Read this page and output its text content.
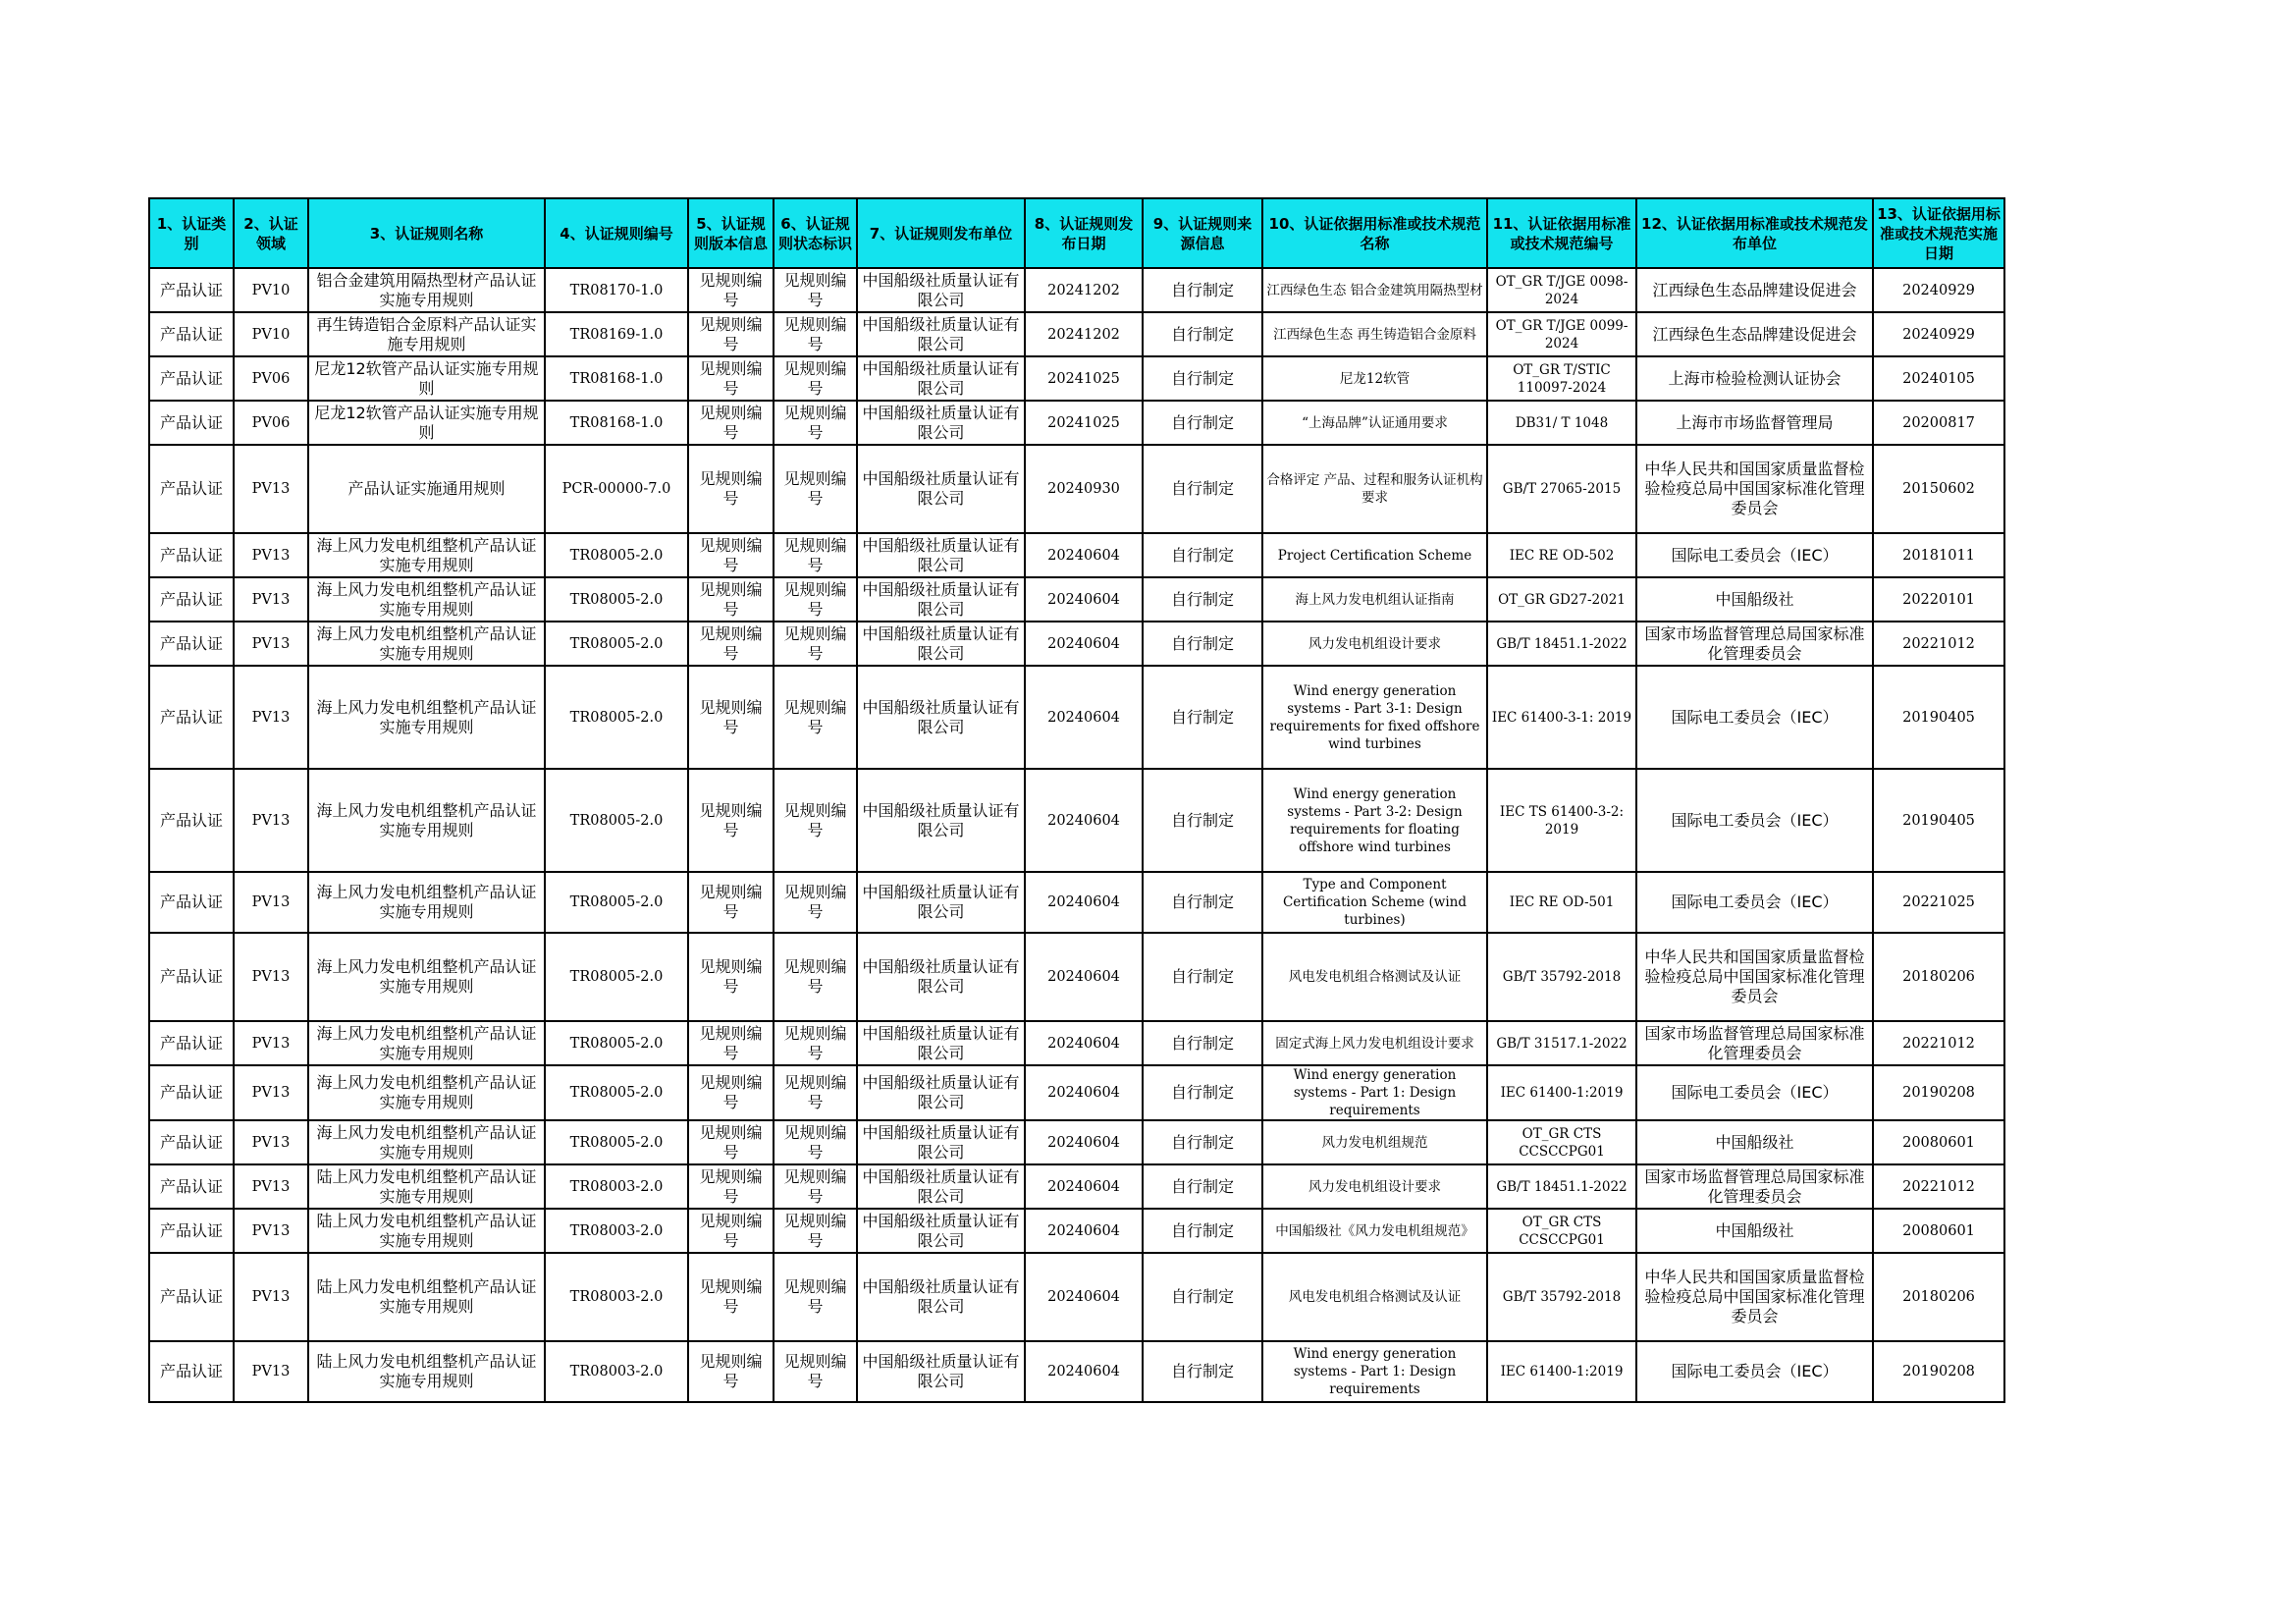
1、认证类别	2、认证领域	3、认证规则名称	4、认证规则编号	5、认证规则版本信息	6、认证规则状态标识	7、认证规则发布单位	8、认证规则发布日期	9、认证规则来源信息	10、认证依据用标准或技术规范名称	11、认证依据用标准或技术规范编号	12、认证依据用标准或技术规范发布单位	13、认证依据用标准或技术规范实施日期
产品认证	PV10	铝合金建筑用隔热型材产品认证实施专用规则	TR08170-1.0	见规则编号	见规则编号	中国船级社质量认证有限公司	20241202	自行制定	江西绿色生态 铝合金建筑用隔热型材	OT_GR T/JGE 0098-2024	江西绿色生态品牌建设促进会	20240929
产品认证	PV10	再生铸造铝合金原料产品认证实施专用规则	TR08169-1.0	见规则编号	见规则编号	中国船级社质量认证有限公司	20241202	自行制定	江西绿色生态 再生铸造铝合金原料	OT_GR T/JGE 0099-2024	江西绿色生态品牌建设促进会	20240929
产品认证	PV06	尼龙12软管产品认证实施专用规则	TR08168-1.0	见规则编号	见规则编号	中国船级社质量认证有限公司	20241025	自行制定	尼龙12软管	OT_GR T/STIC 110097-2024	上海市检验检测认证协会	20240105
产品认证	PV06	尼龙12软管产品认证实施专用规则	TR08168-1.0	见规则编号	见规则编号	中国船级社质量认证有限公司	20241025	自行制定	“上海品牌”认证通用要求	DB31/ T 1048	上海市市场监督管理局	20200817
产品认证	PV13	产品认证实施通用规则	PCR-00000-7.0	见规则编号	见规则编号	中国船级社质量认证有限公司	20240930	自行制定	合格评定 产品、过程和服务认证机构要求	GB/T 27065-2015	中华人民共和国国家质量监督检验检疫总局中国国家标准化管理委员会	20150602
产品认证	PV13	海上风力发电机组整机产品认证实施专用规则	TR08005-2.0	见规则编号	见规则编号	中国船级社质量认证有限公司	20240604	自行制定	Project Certification Scheme	IEC RE OD-502	国际电工委员会（IEC）	20181011
产品认证	PV13	海上风力发电机组整机产品认证实施专用规则	TR08005-2.0	见规则编号	见规则编号	中国船级社质量认证有限公司	20240604	自行制定	海上风力发电机组认证指南	OT_GR GD27-2021	中国船级社	20220101
产品认证	PV13	海上风力发电机组整机产品认证实施专用规则	TR08005-2.0	见规则编号	见规则编号	中国船级社质量认证有限公司	20240604	自行制定	风力发电机组设计要求	GB/T 18451.1-2022	国家市场监督管理总局国家标准化管理委员会	20221012
产品认证	PV13	海上风力发电机组整机产品认证实施专用规则	TR08005-2.0	见规则编号	见规则编号	中国船级社质量认证有限公司	20240604	自行制定	Wind energy generation systems - Part 3-1: Design requirements for fixed offshore wind turbines	IEC 61400-3-1: 2019	国际电工委员会（IEC）	20190405
产品认证	PV13	海上风力发电机组整机产品认证实施专用规则	TR08005-2.0	见规则编号	见规则编号	中国船级社质量认证有限公司	20240604	自行制定	Wind energy generation systems - Part 3-2: Design requirements for floating offshore wind turbines	IEC TS 61400-3-2: 2019	国际电工委员会（IEC）	20190405
产品认证	PV13	海上风力发电机组整机产品认证实施专用规则	TR08005-2.0	见规则编号	见规则编号	中国船级社质量认证有限公司	20240604	自行制定	Type and Component Certification Scheme (wind turbines)	IEC RE OD-501	国际电工委员会（IEC）	20221025
产品认证	PV13	海上风力发电机组整机产品认证实施专用规则	TR08005-2.0	见规则编号	见规则编号	中国船级社质量认证有限公司	20240604	自行制定	风电发电机组合格测试及认证	GB/T 35792-2018	中华人民共和国国家质量监督检验检疫总局中国国家标准化管理委员会	20180206
产品认证	PV13	海上风力发电机组整机产品认证实施专用规则	TR08005-2.0	见规则编号	见规则编号	中国船级社质量认证有限公司	20240604	自行制定	固定式海上风力发电机组设计要求	GB/T 31517.1-2022	国家市场监督管理总局国家标准化管理委员会	20221012
产品认证	PV13	海上风力发电机组整机产品认证实施专用规则	TR08005-2.0	见规则编号	见规则编号	中国船级社质量认证有限公司	20240604	自行制定	Wind energy generation systems - Part 1: Design requirements	IEC 61400-1:2019	国际电工委员会（IEC）	20190208
产品认证	PV13	海上风力发电机组整机产品认证实施专用规则	TR08005-2.0	见规则编号	见规则编号	中国船级社质量认证有限公司	20240604	自行制定	风力发电机组规范	OT_GR CTS CCSCCPG01	中国船级社	20080601
产品认证	PV13	陆上风力发电机组整机产品认证实施专用规则	TR08003-2.0	见规则编号	见规则编号	中国船级社质量认证有限公司	20240604	自行制定	风力发电机组设计要求	GB/T 18451.1-2022	国家市场监督管理总局国家标准化管理委员会	20221012
产品认证	PV13	陆上风力发电机组整机产品认证实施专用规则	TR08003-2.0	见规则编号	见规则编号	中国船级社质量认证有限公司	20240604	自行制定	中国船级社《风力发电机组规范》	OT_GR CTS CCSCCPG01	中国船级社	20080601
产品认证	PV13	陆上风力发电机组整机产品认证实施专用规则	TR08003-2.0	见规则编号	见规则编号	中国船级社质量认证有限公司	20240604	自行制定	风电发电机组合格测试及认证	GB/T 35792-2018	中华人民共和国国家质量监督检验检疫总局中国国家标准化管理委员会	20180206
产品认证	PV13	陆上风力发电机组整机产品认证实施专用规则	TR08003-2.0	见规则编号	见规则编号	中国船级社质量认证有限公司	20240604	自行制定	Wind energy generation systems - Part 1: Design requirements	IEC 61400-1:2019	国际电工委员会（IEC）	20190208
